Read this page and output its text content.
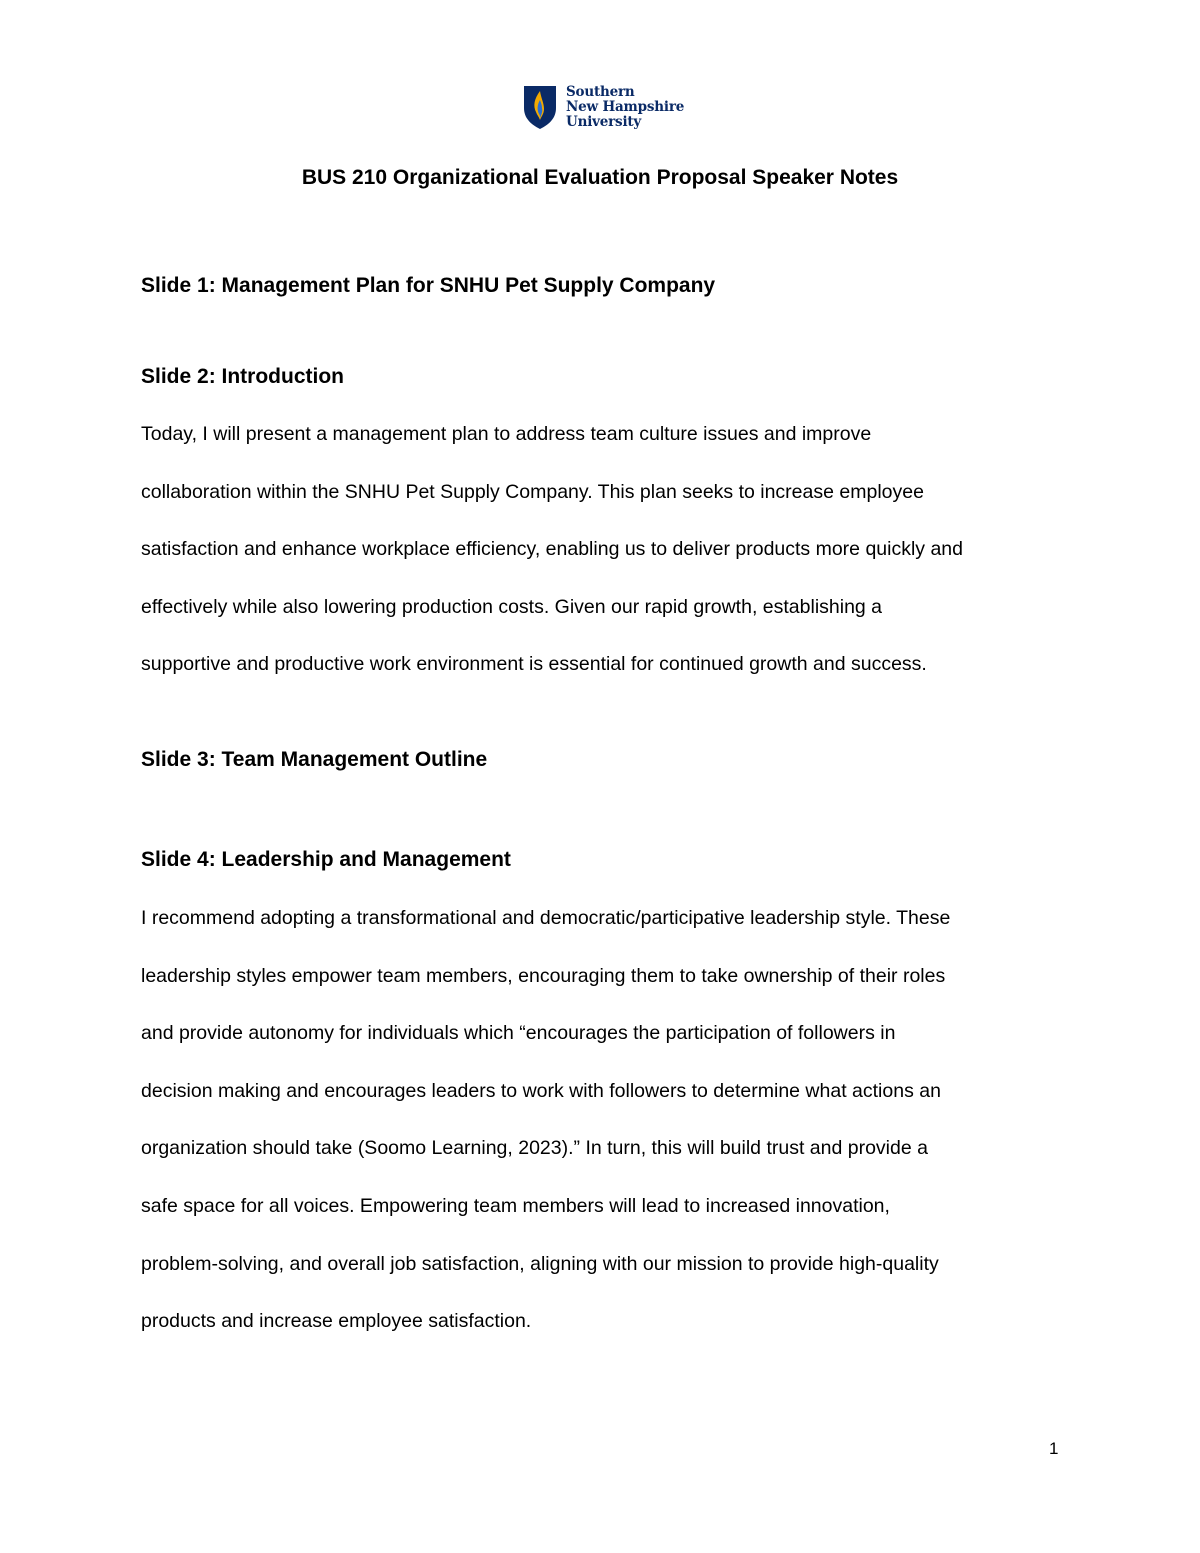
Southern
New Hampshire
University
BUS 210 Organizational Evaluation Proposal Speaker Notes
Slide 1: Management Plan for SNHU Pet Supply Company
Slide 2: Introduction
Today, I will present a management plan to address team culture issues and improve
collaboration within the SNHU Pet Supply Company. This plan seeks to increase employee
satisfaction and enhance workplace efficiency, enabling us to deliver products more quickly and
effectively while also lowering production costs. Given our rapid growth, establishing a
supportive and productive work environment is essential for continued growth and success.
Slide 3: Team Management Outline
Slide 4: Leadership and Management
I recommend adopting a transformational and democratic/participative leadership style. These
leadership styles empower team members, encouraging them to take ownership of their roles
and provide autonomy for individuals which “encourages the participation of followers in
decision making and encourages leaders to work with followers to determine what actions an
organization should take (Soomo Learning, 2023).” In turn, this will build trust and provide a
safe space for all voices. Empowering team members will lead to increased innovation,
problem-solving, and overall job satisfaction, aligning with our mission to provide high-quality
products and increase employee satisfaction.
1
